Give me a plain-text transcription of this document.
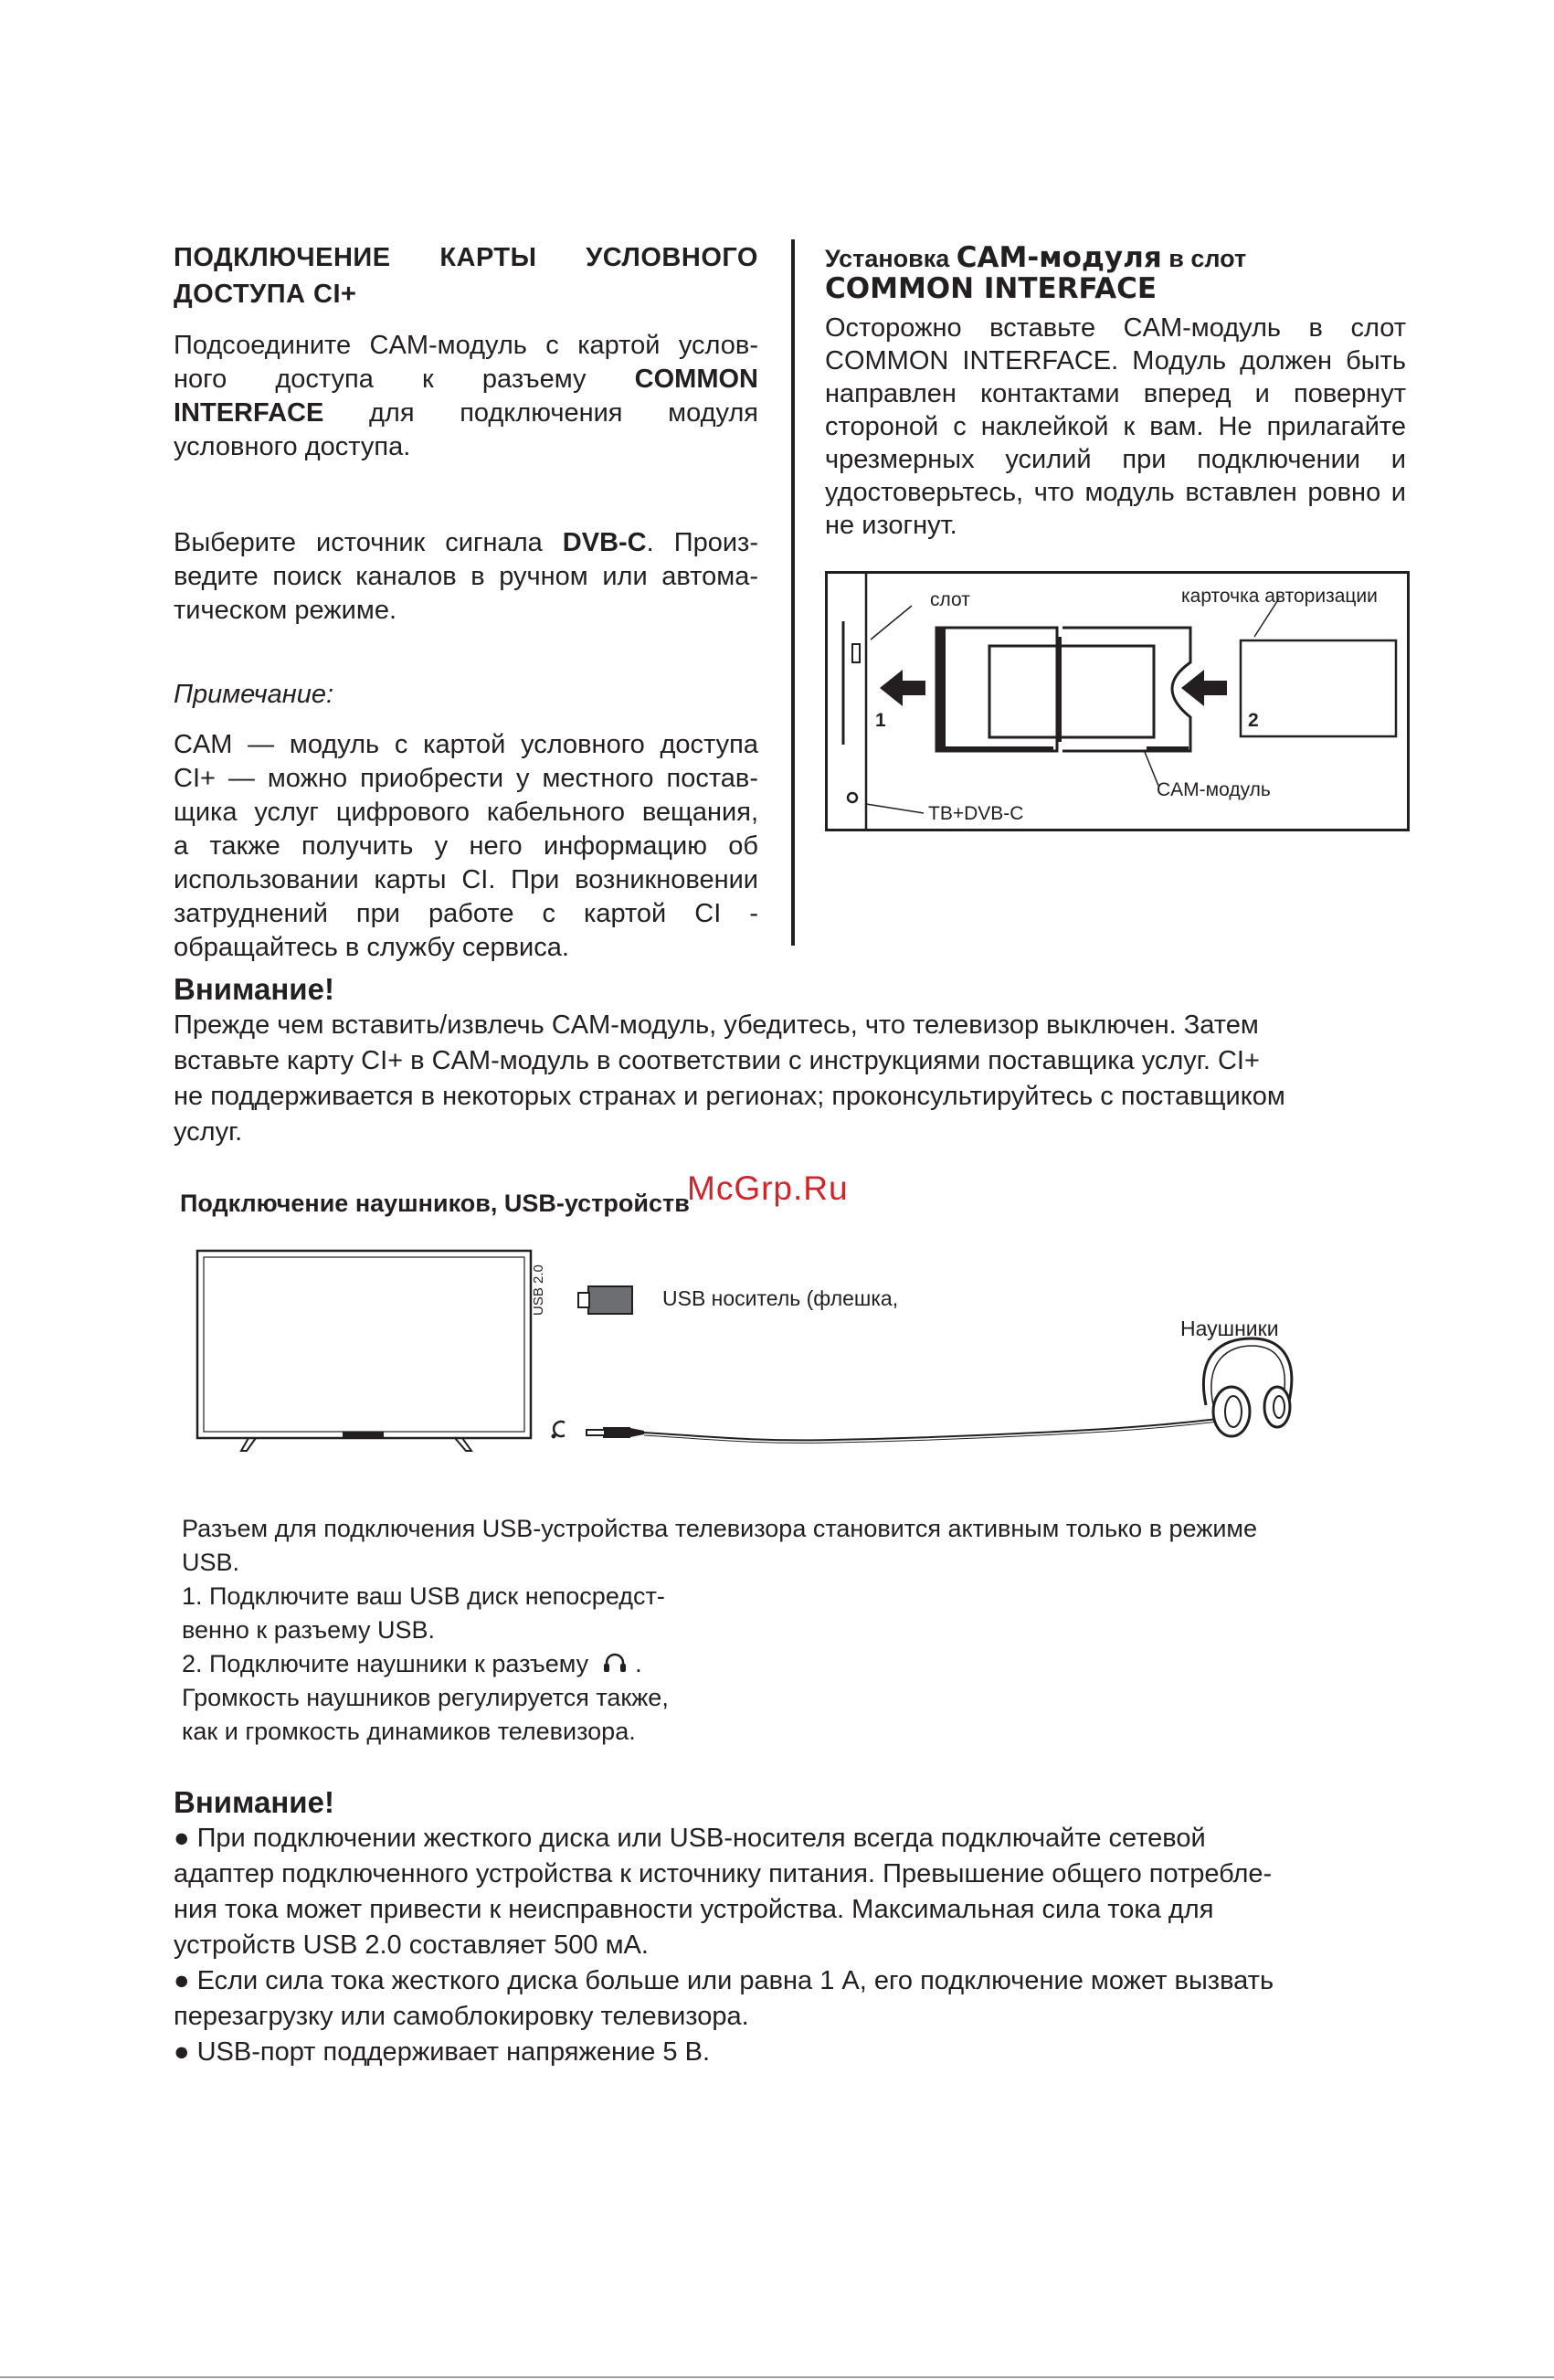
ПОДКЛЮЧЕНИЕ КАРТЫ УСЛОВНОГО
ДОСТУПА CI+
Подсоедините CAM-модуль с картой услов-
ного доступа к разъему COMMON
INTERFACE для подключения модуля
условного доступа.
Выберите источник сигнала DVB-C. Произ-
ведите поиск каналов в ручном или автома-
тическом режиме.
Примечание:
CAM — модуль с картой условного доступа
CI+ — можно приобрести у местного постав-
щика услуг цифрового кабельного вещания,
а также получить у него информацию об
использовании карты CI. При возникновении
затруднений при работе с картой CI -
обращайтесь в службу сервиса.
Установка CAM-модуля в слот
COMMON INTERFACE
Осторожно вставьте CAM-модуль в слот
COMMON INTERFACE. Модуль должен быть
направлен контактами вперед и повернут
стороной с наклейкой к вам. Не прилагайте
чрезмерных усилий при подключении и
удостоверьтесь, что модуль вставлен ровно и
не изогнут.
слот	карточка авторизации
CAM-модуль
ТВ+DVB-C
1	2
Внимание!
Прежде чем вставить/извлечь CAM-модуль, убедитесь, что телевизор выключен. Затем
вставьте карту CI+ в CAM-модуль в соответствии с инструкциями поставщика услуг. CI+
не поддерживается в некоторых странах и регионах; проконсультируйтесь с поставщиком
услуг.
Подключение наушников, USB-устройств
McGrp.Ru
USB 2.0	USB носитель (флешка,
Наушники
Разъем для подключения USB-устройства телевизора становится активным только в режиме
USB.
1. Подключите ваш USB диск непосредст-
венно к разъему USB.
2. Подключите наушники к разъему .
Громкость наушников регулируется также,
как и громкость динамиков телевизора.
Внимание!
● При подключении жесткого диска или USB-носителя всегда подключайте сетевой
адаптер подключенного устройства к источнику питания. Превышение общего потребле-
ния тока может привести к неисправности устройства. Максимальная сила тока для
устройств USB 2.0 составляет 500 мА.
● Если сила тока жесткого диска больше или равна 1 А, его подключение может вызвать
перезагрузку или самоблокировку телевизора.
● USB-порт поддерживает напряжение 5 В.
